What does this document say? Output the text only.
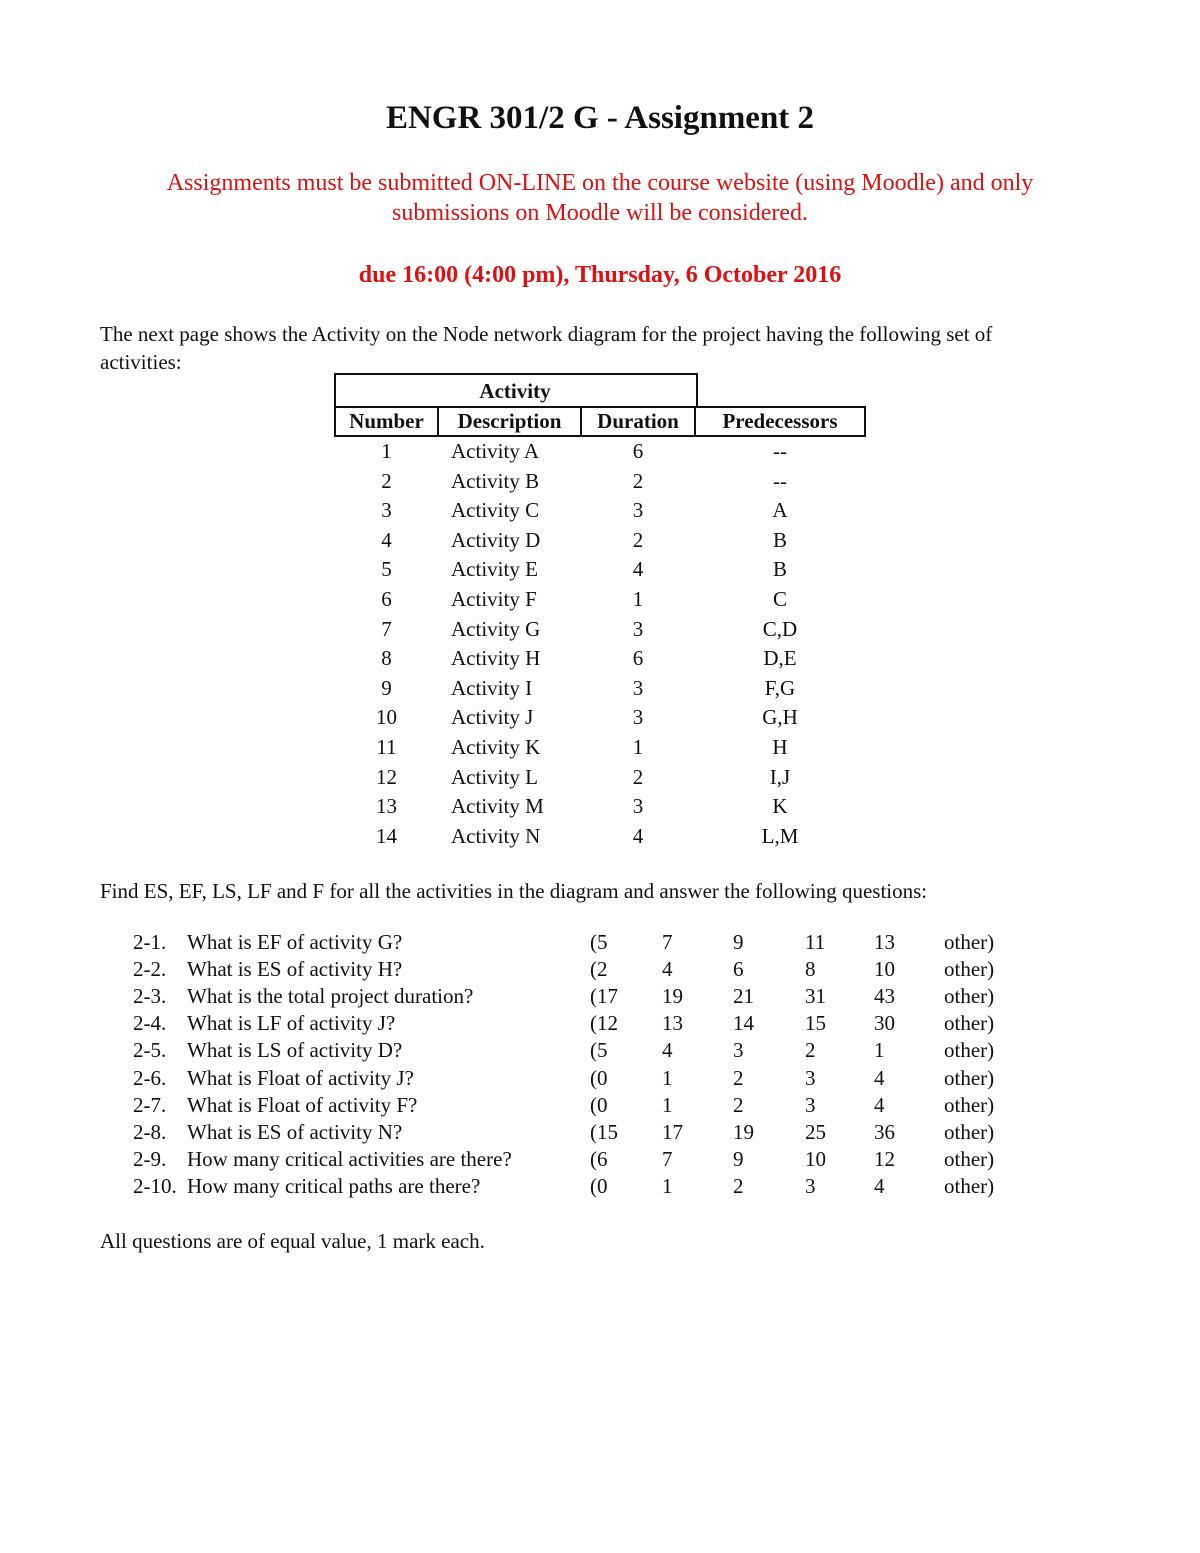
ENGR 301/2 G - Assignment 2
Assignments must be submitted ON-LINE on the course website (using Moodle) and only
submissions on Moodle will be considered.
due 16:00 (4:00 pm), Thursday, 6 October 2016
The next page shows the Activity on the Node network diagram for the project having the following set of
activities:
Activity
Number	Description	Duration	Predecessors
1	Activity A	6	--
2	Activity B	2	--
3	Activity C	3	A
4	Activity D	2	B
5	Activity E	4	B
6	Activity F	1	C
7	Activity G	3	C,D
8	Activity H	6	D,E
9	Activity I	3	F,G
10	Activity J	3	G,H
11	Activity K	1	H
12	Activity L	2	I,J
13	Activity M	3	K
14	Activity N	4	L,M
Find ES, EF, LS, LF and F for all the activities in the diagram and answer the following questions:
2-1. What is EF of activity G?	(5	7	9	11 13 other)
2-2. What is ES of activity H?	(2	4	6	8	10 other)
2-3. What is the total project duration?	(17 19 21 31 43 other)
2-4. What is LF of activity J?	(12 13 14 15 30 other)
2-5. What is LS of activity D?	(5	4	3	2	1	other)
2-6. What is Float of activity J?	(0	1	2	3	4	other)
2-7. What is Float of activity F?	(0	1	2	3	4	other)
2-8. What is ES of activity N?	(15 17 19 25 36 other)
2-9. How many critical activities are there?	(6	7	9	10 12 other)
2-10. How many critical paths are there?	(0	1	2	3	4	other)
All questions are of equal value, 1 mark each.
